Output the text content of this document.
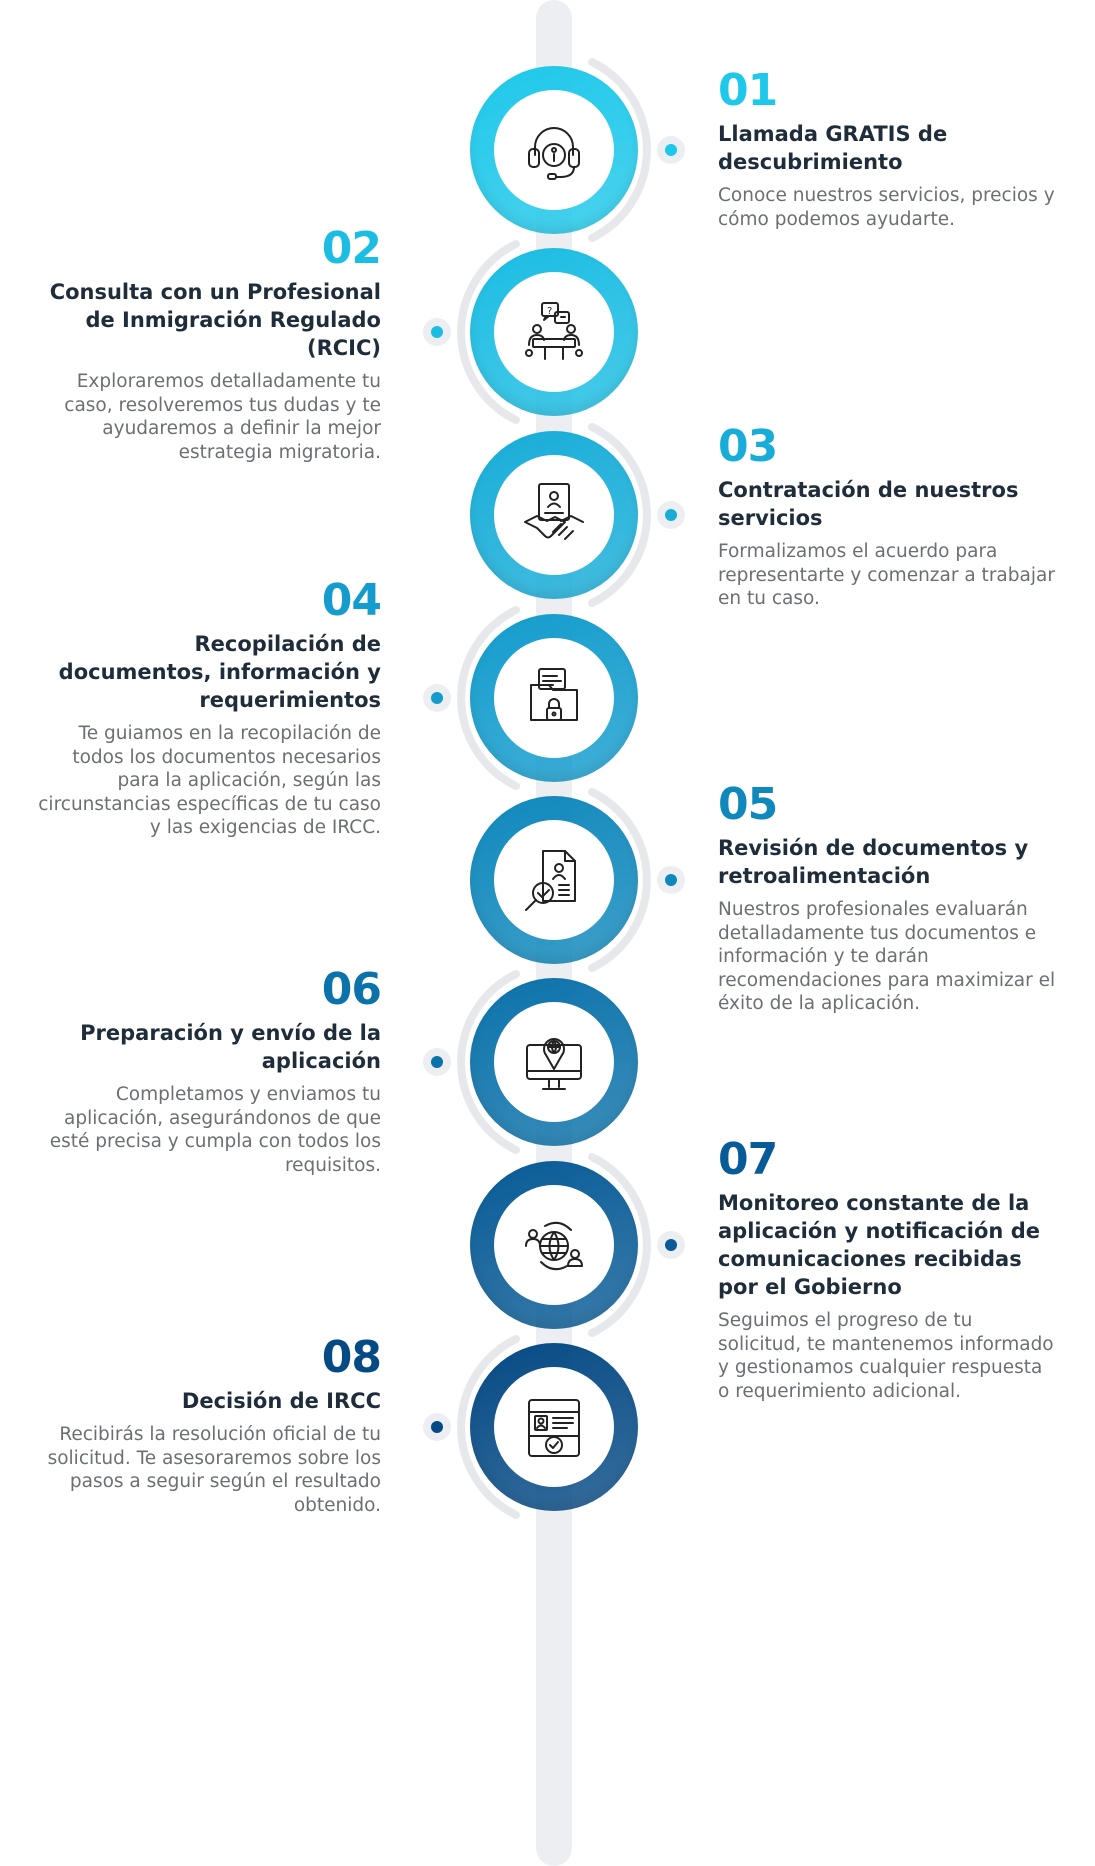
01
Llamada GRATIS de descubrimiento
Conoce nuestros servicios, precios y cómo podemos ayudarte.
?
02
Consulta con un Profesional de Inmigración Regulado (RCIC)
Exploraremos detalladamente tu caso, resolveremos tus dudas y te ayudaremos a definir la mejor estrategia migratoria.	03
Contratación de nuestros servicios
Formalizamos el acuerdo para representarte y comenzar a trabajar en tu caso.
04
Recopilación de documentos, información y requerimientos
Te guiamos en la recopilación de todos los documentos necesarios para la aplicación, según las circunstancias específicas de tu caso y las exigencias de IRCC.	05
Revisión de documentos y retroalimentación
Nuestros profesionales evaluarán detalladamente tus documentos e información y te darán recomendaciones para maximizar el éxito de la aplicación.
06
Preparación y envío de la aplicación
Completamos y enviamos tu aplicación, asegurándonos de que esté precisa y cumpla con todos los requisitos.	07
Monitoreo constante de la aplicación y notificación de comunicaciones recibidas por el Gobierno
Seguimos el progreso de tu solicitud, te mantenemos informado y gestionamos cualquier respuesta o requerimiento adicional.
08
Decisión de IRCC
Recibirás la resolución oficial de tu solicitud. Te asesoraremos sobre los pasos a seguir según el resultado obtenido.
